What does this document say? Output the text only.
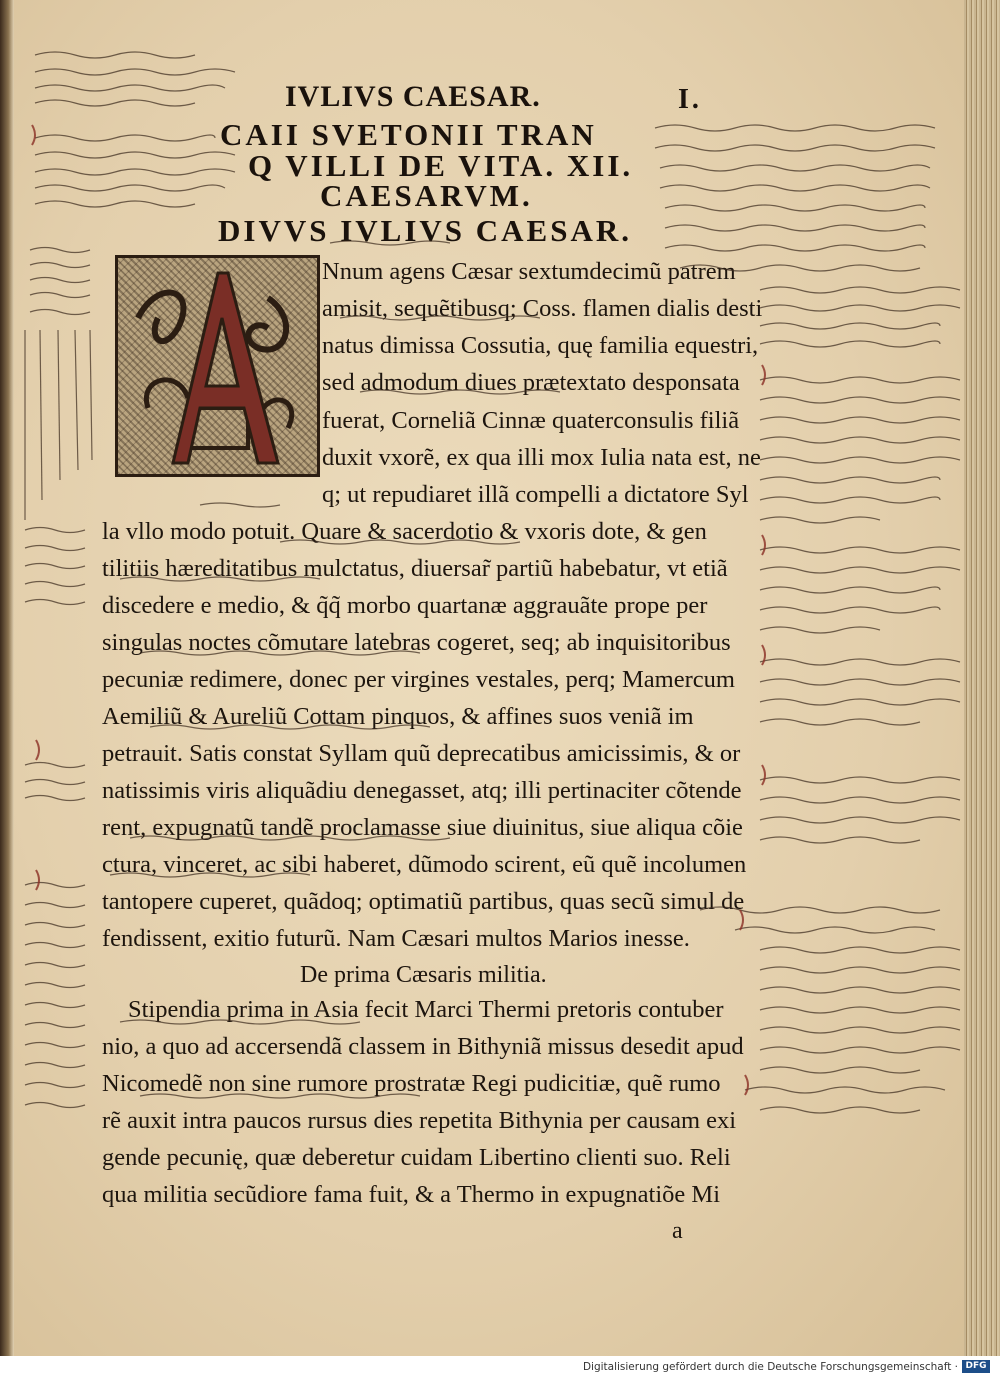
IVLIVS CAESAR.	I.
CAII SVETONII TRAN
Q VILLI DE VITA. XII.
CAESARVM.
DIVVS IVLIVS CAESAR.
Nnum agens Cæsar sextumdecimũ patrem
amisit, sequẽtibusq; Coss. flamen dialis desti
natus dimissa Cossutia, quę familia equestri,
sed admodum diues prætextato desponsata
fuerat, Corneliã Cinnæ quaterconsulis filiã
duxit vxorẽ, ex qua illi mox Iulia nata est, ne
q; ut repudiaret illã compelli a dictatore Syl
la vllo modo potuit. Quare & sacerdotio & vxoris dote, & gen
tilitiis hæreditatibus mulctatus, diuersar̃ partiũ habebatur, vt etiã
discedere e medio, & q̃q̃ morbo quartanæ aggrauãte prope per
singulas noctes cõmutare latebras cogeret, seq; ab inquisitoribus
pecuniæ redimere, donec per virgines vestales, perq; Mamercum
Aemiliũ & Aureliũ Cottam pinquos, & affines suos veniã im
petrauit. Satis constat Syllam quũ deprecatibus amicissimis, & or
natissimis viris aliquãdiu denegasset, atq; illi pertinaciter cõtende
rent, expugnatũ tandẽ proclamasse siue diuinitus, siue aliqua cõie
ctura, vinceret, ac sibi haberet, dũmodo scirent, eũ quẽ incolumen
tantopere cuperet, quãdoq; optimatiũ partibus, quas secũ simul de
fendissent, exitio futurũ. Nam Cæsari multos Marios inesse.
De prima Cæsaris militia.
Stipendia prima in Asia fecit Marci Thermi pretoris contuber
nio, a quo ad accersendã classem in Bithyniã missus desedit apud
Nicomedẽ non sine rumore prostratæ Regi pudicitiæ, quẽ rumo
rẽ auxit intra paucos rursus dies repetita Bithynia per causam exi
gende pecunię, quæ deberetur cuidam Libertino clienti suo. Reli
qua militia secũdiore fama fuit, & a Thermo in expugnatiõe Mi
a
Digitalisierung gefördert durch die Deutsche Forschungsgemeinschaft · DFG
